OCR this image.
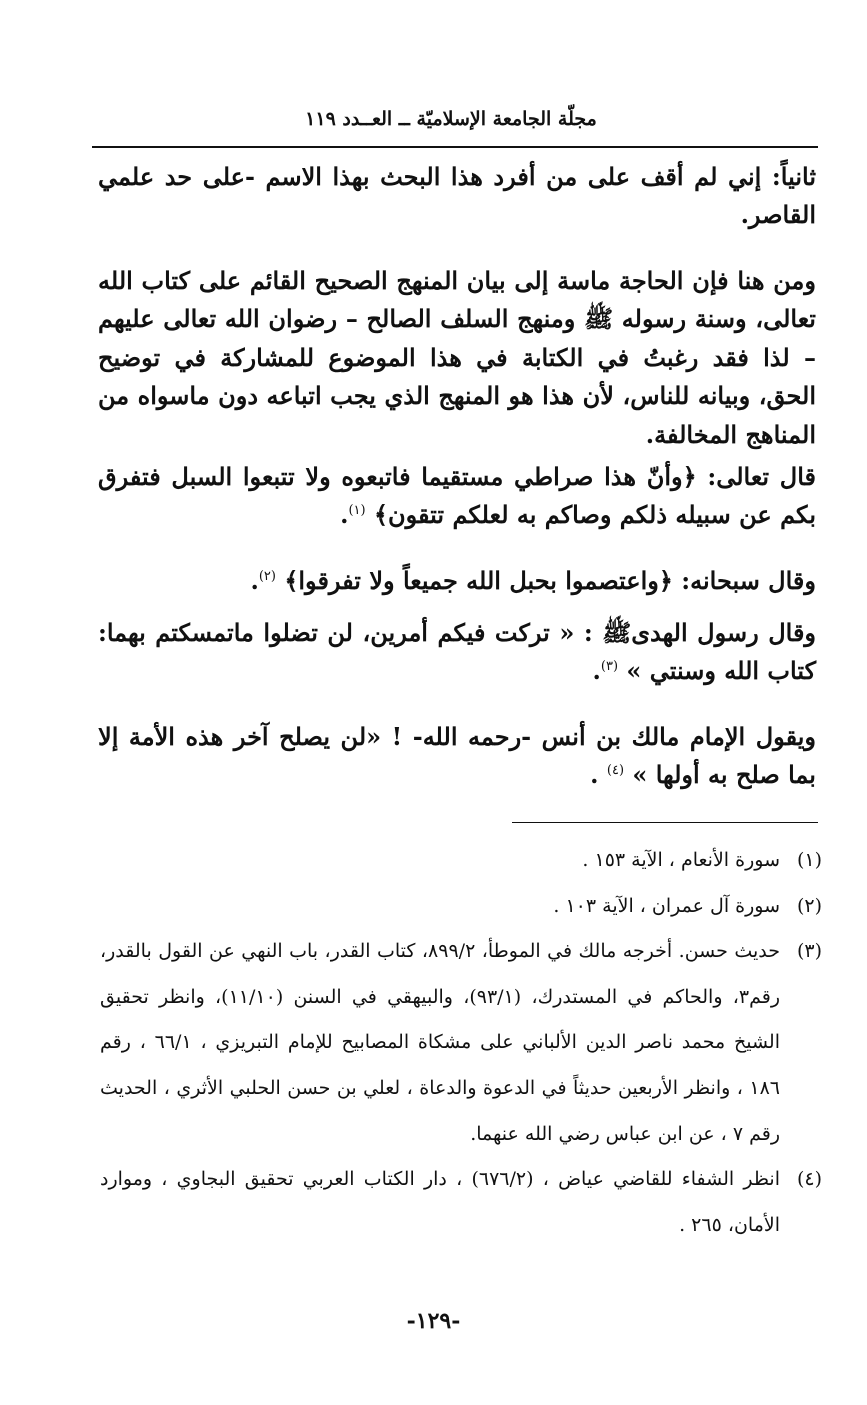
مجلّة الجامعة الإسلاميّة ــ العــدد ١١٩

ثانياً: إني لم أقف على من أفرد هذا البحث بهذا الاسم -على حد علمي القاصر.

ومن هنا فإن الحاجة ماسة إلى بيان المنهج الصحيح القائم على كتاب الله تعالى، وسنة رسوله ﷺ ومنهج السلف الصالح – رضوان الله تعالى عليهم – لذا فقد رغبتُ في الكتابة في هذا الموضوع للمشاركة في توضيح الحق، وبيانه للناس، لأن هذا هو المنهج الذي يجب اتباعه دون ماسواه من المناهج المخالفة.

قال تعالى: ﴿وأنّ هذا صراطي مستقيما فاتبعوه ولا تتبعوا السبل فتفرق بكم عن سبيله ذلكم وصاكم به لعلكم تتقون﴾ $^{(١)}$.

وقال سبحانه: ﴿واعتصموا بحبل الله جميعاً ولا تفرقوا﴾ $^{(٢)}$.

وقال رسول الهدىﷺ : « تركت فيكم أمرين، لن تضلوا ماتمسكتم بهما: كتاب الله وسنتي » $^{(٣)}$.

ويقول الإمام مالك بن أنس -رحمه الله- ! «لن يصلح آخر هذه الأمة إلا بما صلح به أولها » $^{(٤)}$ .

(١)
سورة الأنعام ، الآية ١٥٣ .
(٢)
سورة آل عمران ، الآية ١٠٣ .
(٣)
حديث حسن. أخرجه مالك في الموطأ، ٨٩٩/٢، كتاب القدر، باب النهي عن القول بالقدر، رقم٣، والحاكم في المستدرك، (٩٣/١)، والبيهقي في السنن (١١/١٠)، وانظر تحقيق الشيخ محمد ناصر الدين الألباني على مشكاة المصابيح للإمام التبريزي ، ٦٦/١ ، رقم ١٨٦ ، وانظر الأربعين حديثاً في الدعوة والدعاة ، لعلي بن حسن الحلبي الأثري ، الحديث رقم ٧ ، عن ابن عباس رضي الله عنهما.
(٤)
انظر الشفاء للقاضي عياض ، (٦٧٦/٢) ، دار الكتاب العربي تحقيق البجاوي ، وموارد الأمان، ٢٦٥ .
-١٢٩-
